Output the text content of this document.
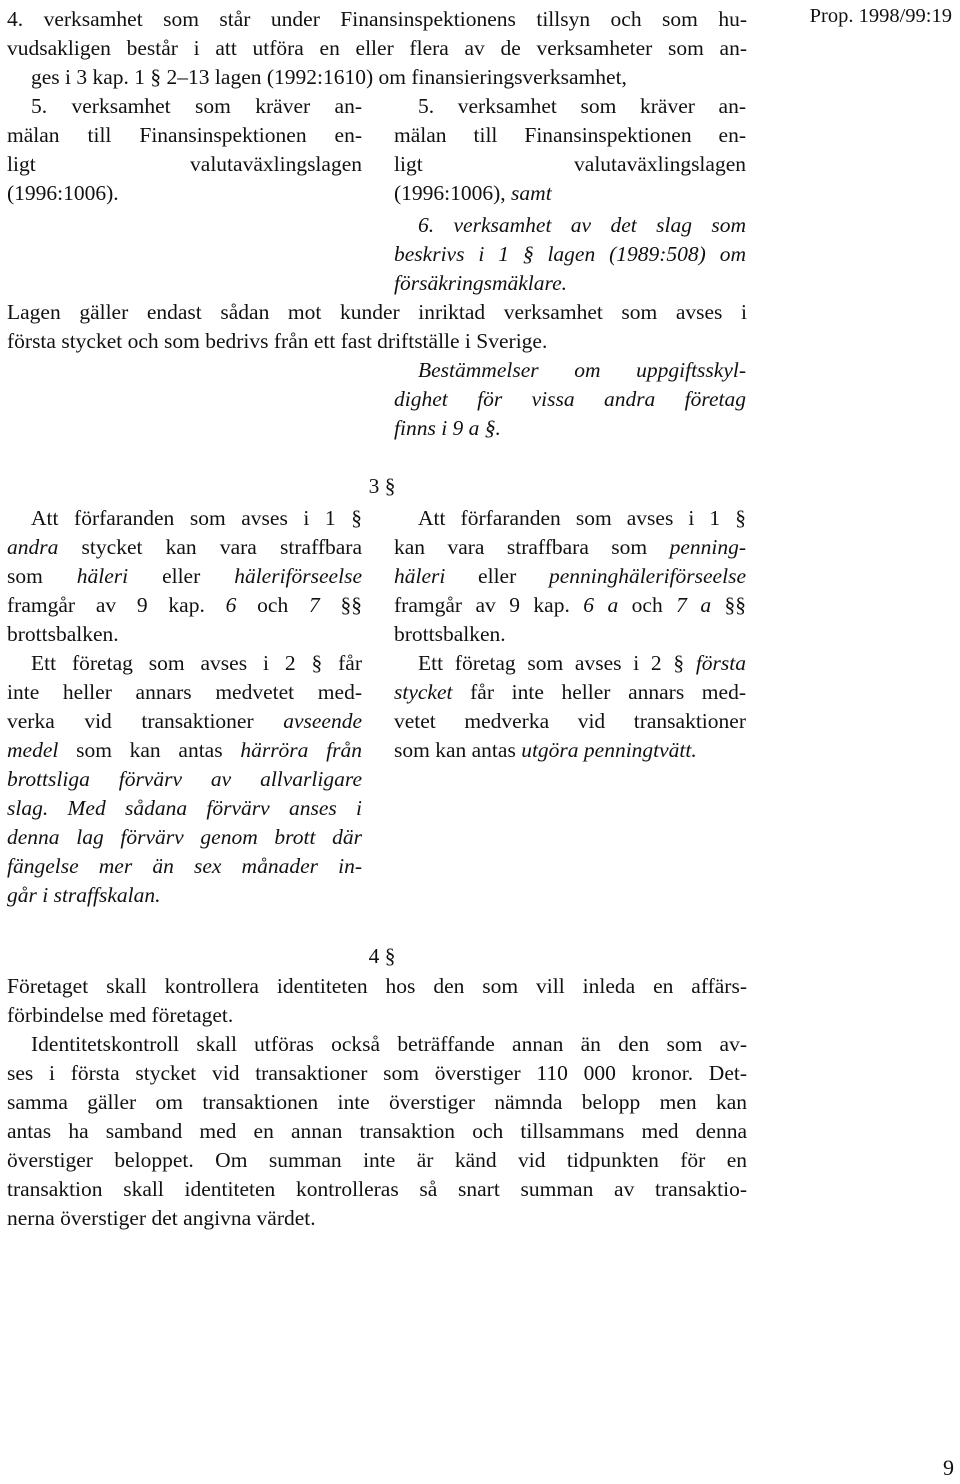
Prop. 1998/99:19
4. verksamhet som står under Finansinspektionens tillsyn och som hu-
vudsakligen består i att utföra en eller flera av de verksamheter som an-
ges i 3 kap. 1 § 2–13 lagen (1992:1610) om finansieringsverksamhet,
5. verksamhet som kräver an-
mälan till Finansinspektionen en-
ligt valutaväxlingslagen
(1996:1006).
5. verksamhet som kräver an-
mälan till Finansinspektionen en-
ligt valutaväxlingslagen
(1996:1006), samt
6. verksamhet av det slag som
beskrivs i 1 § lagen (1989:508) om
försäkringsmäklare.
Lagen gäller endast sådan mot kunder inriktad verksamhet som avses i
första stycket och som bedrivs från ett fast driftställe i Sverige.
Bestämmelser om uppgiftsskyl-
dighet för vissa andra företag
finns i 9 a §.
3 §
Att förfaranden som avses i 1 §
andra stycket kan vara straffbara
som häleri eller häleriförseelse
framgår av 9 kap. 6 och 7 §§
brottsbalken.
Ett företag som avses i 2 § får
inte heller annars medvetet med-
verka vid transaktioner avseende
medel som kan antas härröra från
brottsliga förvärv av allvarligare
slag. Med sådana förvärv anses i
denna lag förvärv genom brott där
fängelse mer än sex månader in-
går i straffskalan.
Att förfaranden som avses i 1 §
kan vara straffbara som penning-
häleri eller penninghäleriförseelse
framgår av 9 kap. 6 a och 7 a §§
brottsbalken.
Ett företag som avses i 2 § första
stycket får inte heller annars med-
vetet medverka vid transaktioner
som kan antas utgöra penningtvätt.
4 §
Företaget skall kontrollera identiteten hos den som vill inleda en affärs-
förbindelse med företaget.
Identitetskontroll skall utföras också beträffande annan än den som av-
ses i första stycket vid transaktioner som överstiger 110 000 kronor. Det-
samma gäller om transaktionen inte överstiger nämnda belopp men kan
antas ha samband med en annan transaktion och tillsammans med denna
överstiger beloppet. Om summan inte är känd vid tidpunkten för en
transaktion skall identiteten kontrolleras så snart summan av transaktio-
nerna överstiger det angivna värdet.
9
